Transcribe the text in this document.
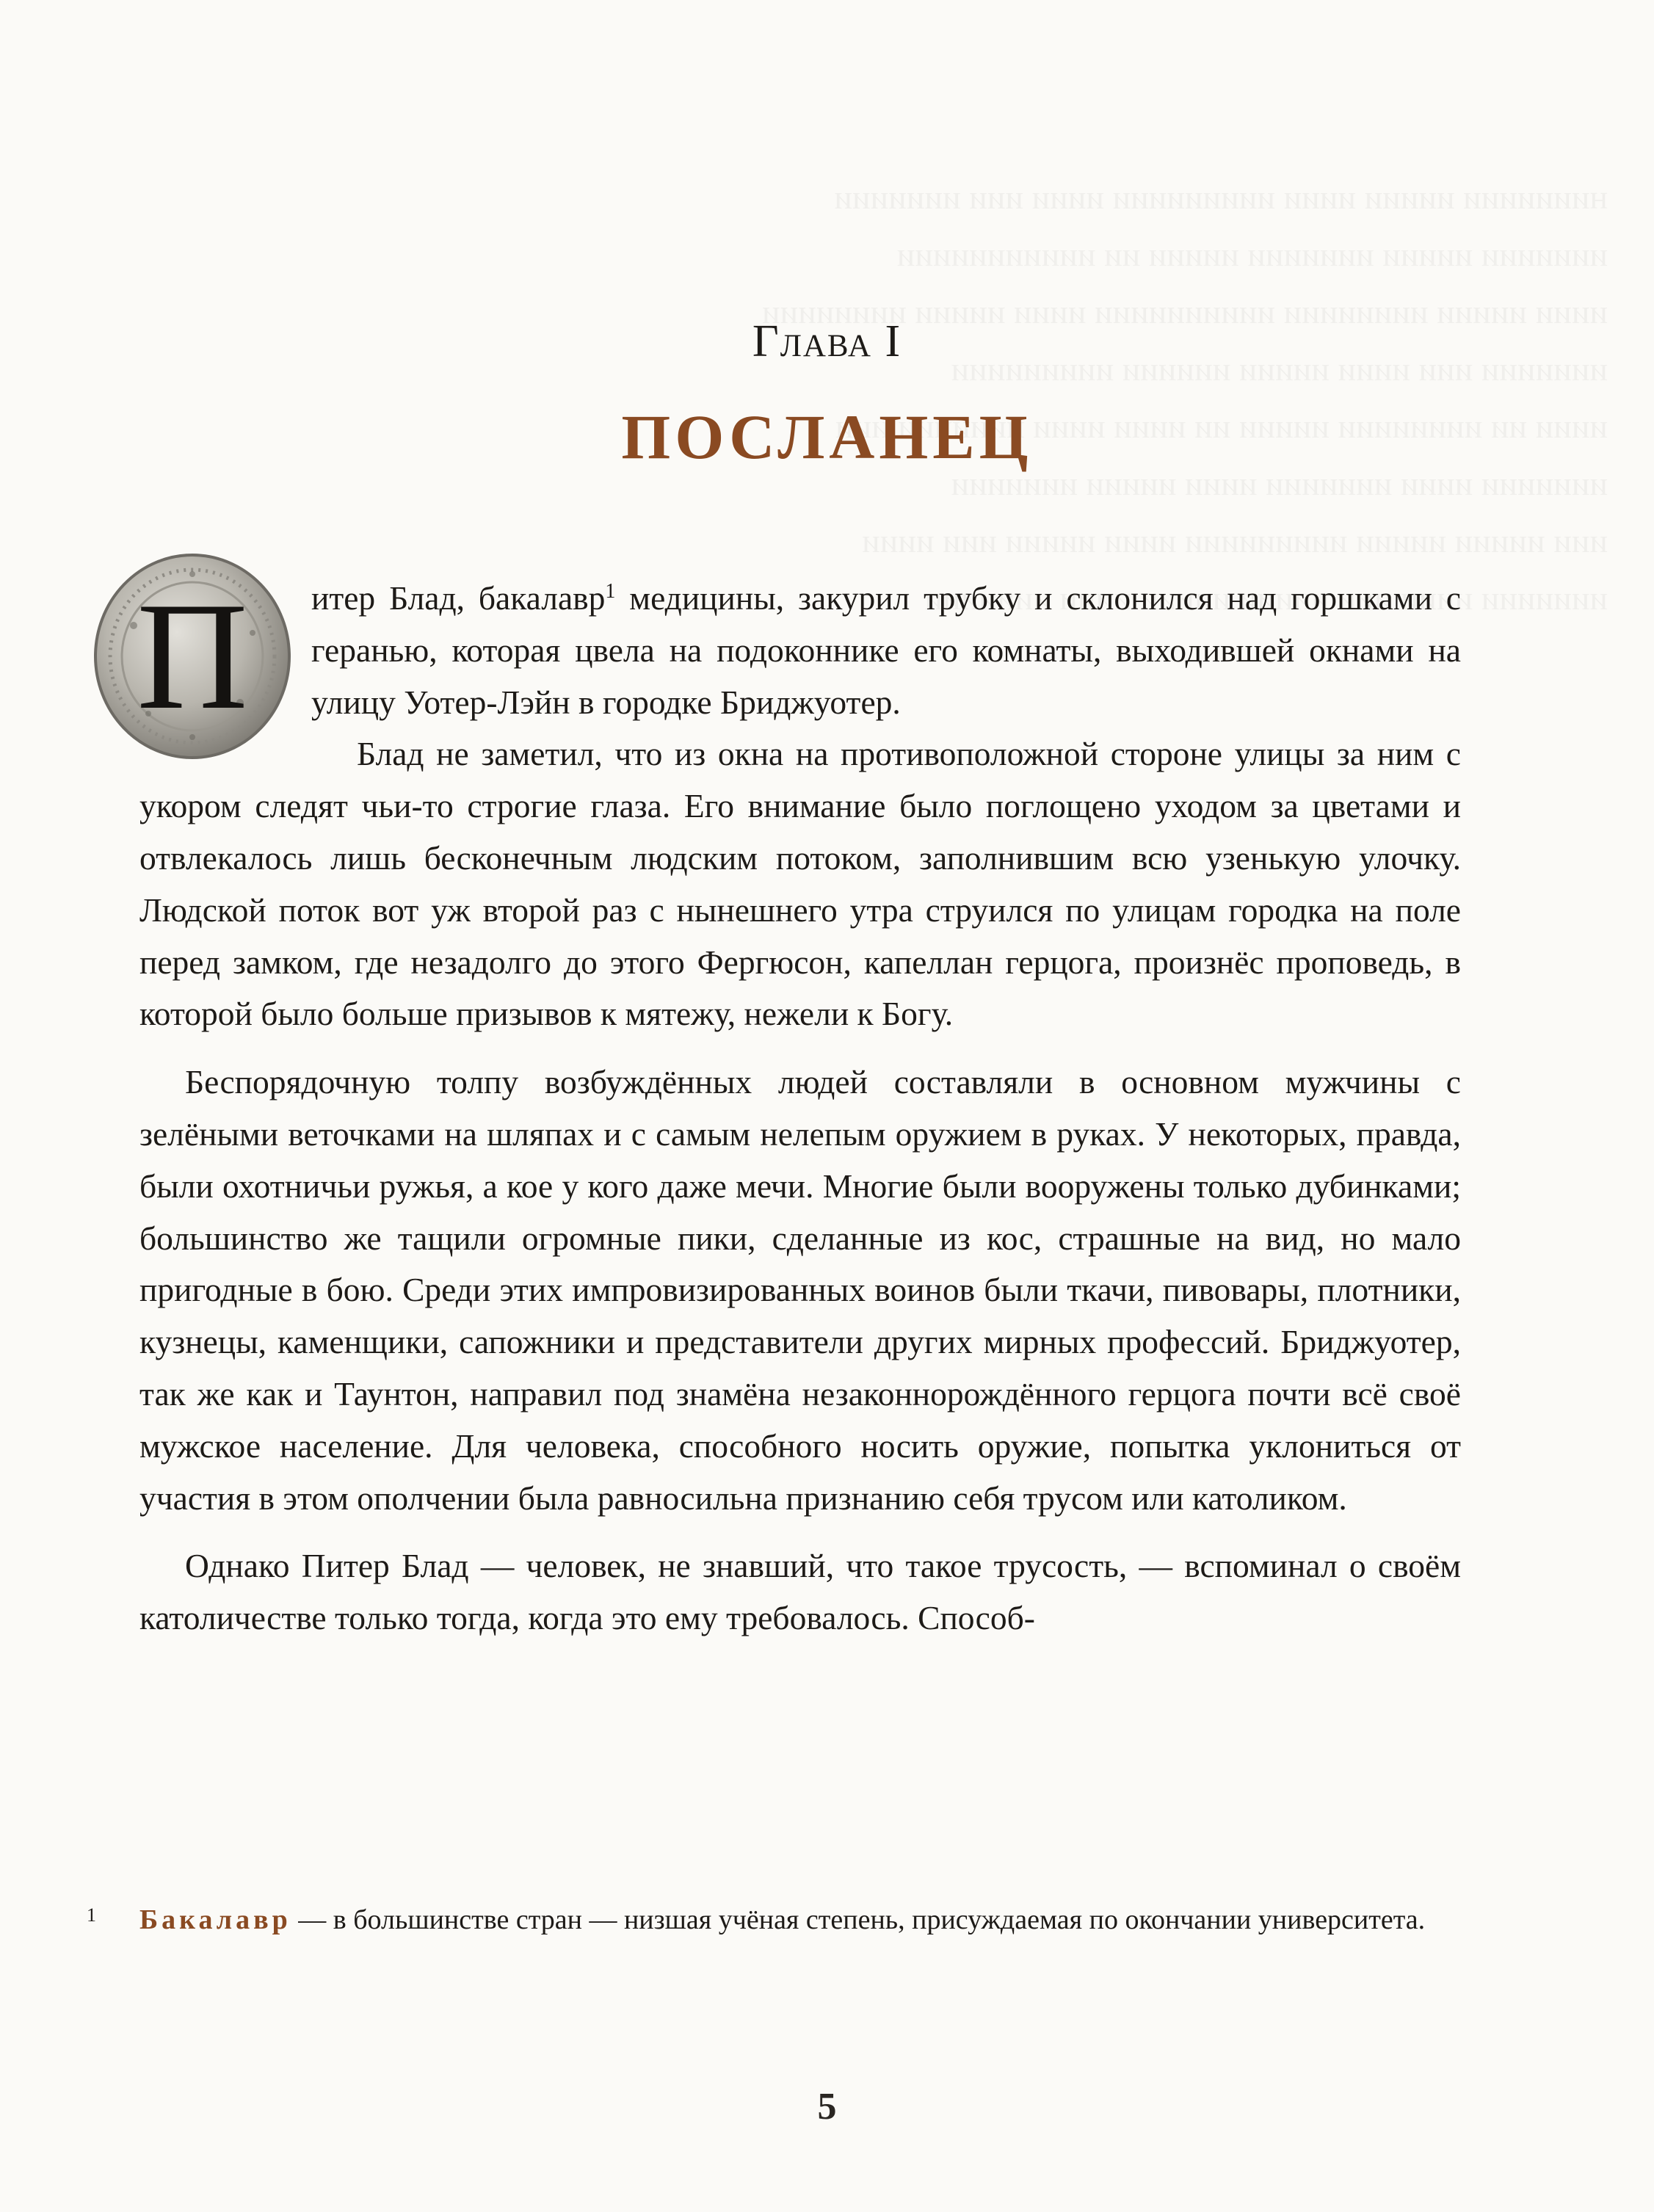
Глава I
ПОСЛАНЕЦ
П	итер Блад, бакалавр$^1$ медицины, закурил трубку и склонился над горшками с геранью, которая цвела на подоконнике его комнаты, выходившей окнами на улицу Уотер-Лэйн в городке Бриджуотер.

Блад не заметил, что из окна на противоположной стороне улицы за ним с укором следят чьи-то строгие глаза. Его внимание было поглощено уходом за цветами и отвлекалось лишь бесконечным людским потоком, заполнившим всю узенькую улочку. Людской поток вот уж второй раз с нынешнего утра струился по улицам городка на поле перед замком, где незадолго до этого Фергюсон, капеллан герцога, произнёс проповедь, в которой было больше призывов к мятежу, нежели к Богу.

Беспорядочную толпу возбуждённых людей составляли в основном мужчины с зелёными веточками на шляпах и с самым нелепым оружием в руках. У некоторых, правда, были охотничьи ружья, а кое у кого даже мечи. Многие были вооружены только дубинками; большинство же тащили огромные пики, сделанные из кос, страшные на вид, но мало пригодные в бою. Среди этих импровизированных воинов были ткачи, пивовары, плотники, кузнецы, каменщики, сапожники и представители других мирных профессий. Бриджуотер, так же как и Таунтон, направил под знамёна незаконнорождённого герцога почти всё своё мужское население. Для человека, способного носить оружие, попытка уклониться от участия в этом ополчении была равносильна признанию себя трусом или католиком.

Однако Питер Блад — человек, не знавший, что такое трусость, — вспоминал о своём католичестве только тогда, когда это ему требовалось. Способ-

1 Бакалавр — в большинстве стран — низшая учёная степень, присуждаемая по окончании университета.
5
